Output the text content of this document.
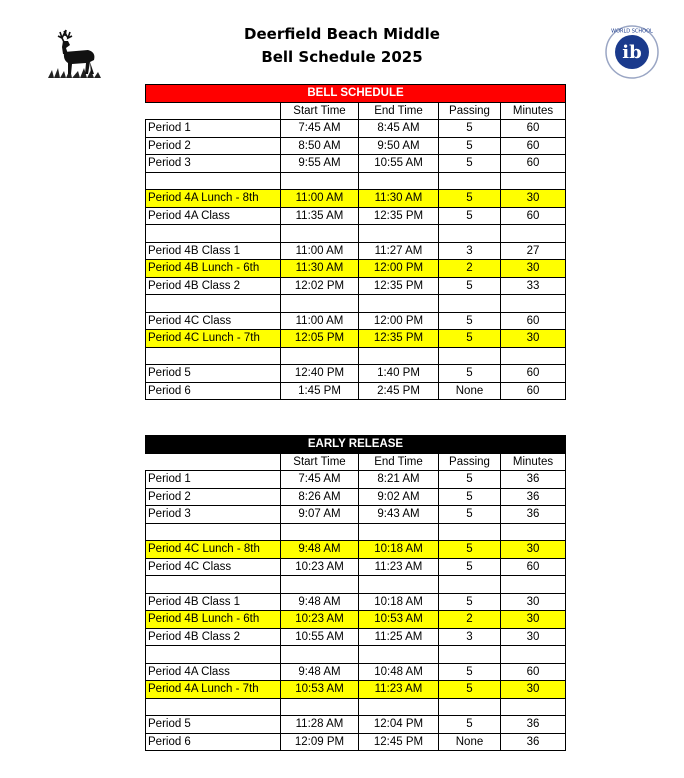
Deerfield Beach Middle
Bell Schedule 2025	ib
WORLD SCHOOL
BELL SCHEDULE				
	Start Time	End Time	Passing	Minutes
Period 1	7:45 AM	8:45 AM	5	60
Period 2	8:50 AM	9:50 AM	5	60
Period 3	9:55 AM	10:55 AM	5	60

Period 4A Lunch - 8th	11:00 AM	11:30 AM	5	30
Period 4A Class	11:35 AM	12:35 PM	5	60

Period 4B Class 1	11:00 AM	11:27 AM	3	27
Period 4B Lunch - 6th	11:30 AM	12:00 PM	2	30
Period 4B Class 2	12:02 PM	12:35 PM	5	33

Period 4C Class	11:00 AM	12:00 PM	5	60
Period 4C Lunch - 7th	12:05 PM	12:35 PM	5	30

Period 5	12:40 PM	1:40 PM	5	60
Period 6	1:45 PM	2:45 PM	None	60
EARLY RELEASE				
	Start Time	End Time	Passing	Minutes
Period 1	7:45 AM	8:21 AM	5	36
Period 2	8:26 AM	9:02 AM	5	36
Period 3	9:07 AM	9:43 AM	5	36

Period 4C Lunch - 8th	9:48 AM	10:18 AM	5	30
Period 4C Class	10:23 AM	11:23 AM	5	60

Period 4B Class 1	9:48 AM	10:18 AM	5	30
Period 4B Lunch - 6th	10:23 AM	10:53 AM	2	30
Period 4B Class 2	10:55 AM	11:25 AM	3	30

Period 4A Class	9:48 AM	10:48 AM	5	60
Period 4A Lunch - 7th	10:53 AM	11:23 AM	5	30

Period 5	11:28 AM	12:04 PM	5	36
Period 6	12:09 PM	12:45 PM	None	36
